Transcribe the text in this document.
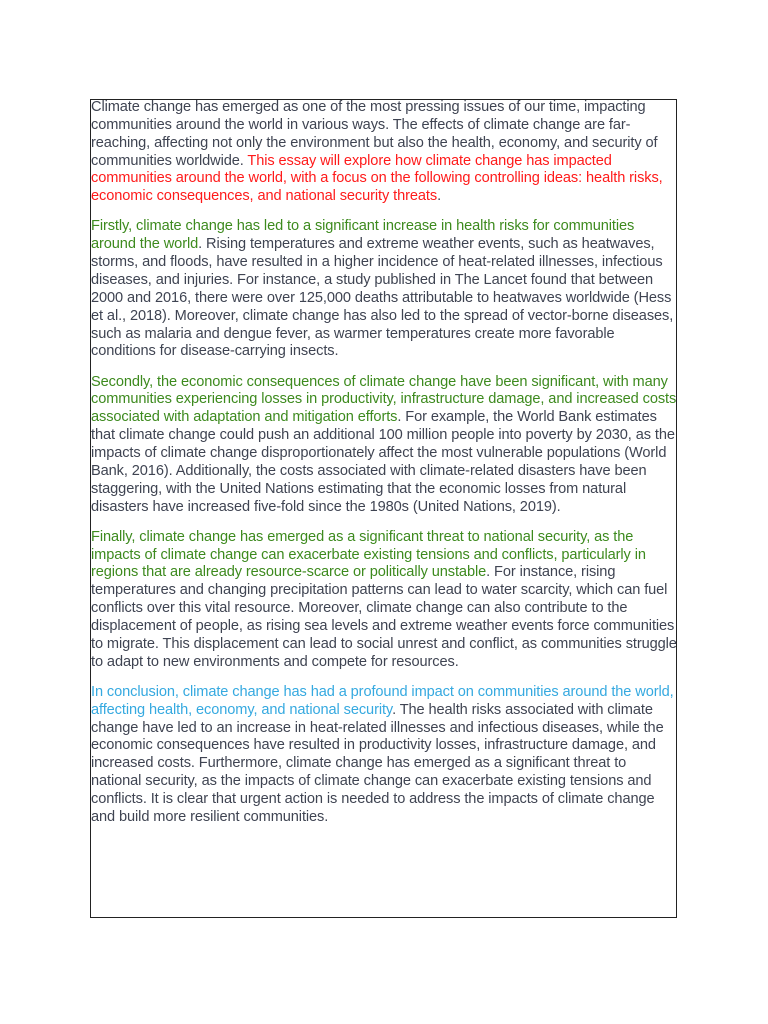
Climate change has emerged as one of the most pressing issues of our time, impacting communities around the world in various ways. The effects of climate change are far-reaching, affecting not only the environment but also the health, economy, and security of communities worldwide. This essay will explore how climate change has impacted communities around the world, with a focus on the following controlling ideas: health risks, economic consequences, and national security threats.

Firstly, climate change has led to a significant increase in health risks for communities around the world. Rising temperatures and extreme weather events, such as heatwaves, storms, and floods, have resulted in a higher incidence of heat-related illnesses, infectious diseases, and injuries. For instance, a study published in The Lancet found that between 2000 and 2016, there were over 125,000 deaths attributable to heatwaves worldwide (Hess et al., 2018). Moreover, climate change has also led to the spread of vector-borne diseases, such as malaria and dengue fever, as warmer temperatures create more favorable conditions for disease-carrying insects.

Secondly, the economic consequences of climate change have been significant, with many communities experiencing losses in productivity, infrastructure damage, and increased costs associated with adaptation and mitigation efforts. For example, the World Bank estimates that climate change could push an additional 100 million people into poverty by 2030, as the impacts of climate change disproportionately affect the most vulnerable populations (World Bank, 2016). Additionally, the costs associated with climate-related disasters have been staggering, with the United Nations estimating that the economic losses from natural disasters have increased five-fold since the 1980s (United Nations, 2019).

Finally, climate change has emerged as a significant threat to national security, as the impacts of climate change can exacerbate existing tensions and conflicts, particularly in regions that are already resource-scarce or politically unstable. For instance, rising temperatures and changing precipitation patterns can lead to water scarcity, which can fuel conflicts over this vital resource. Moreover, climate change can also contribute to the displacement of people, as rising sea levels and extreme weather events force communities to migrate. This displacement can lead to social unrest and conflict, as communities struggle to adapt to new environments and compete for resources.

In conclusion, climate change has had a profound impact on communities around the world, affecting health, economy, and national security. The health risks associated with climate change have led to an increase in heat-related illnesses and infectious diseases, while the economic consequences have resulted in productivity losses, infrastructure damage, and increased costs. Furthermore, climate change has emerged as a significant threat to national security, as the impacts of climate change can exacerbate existing tensions and conflicts. It is clear that urgent action is needed to address the impacts of climate change and build more resilient communities.
